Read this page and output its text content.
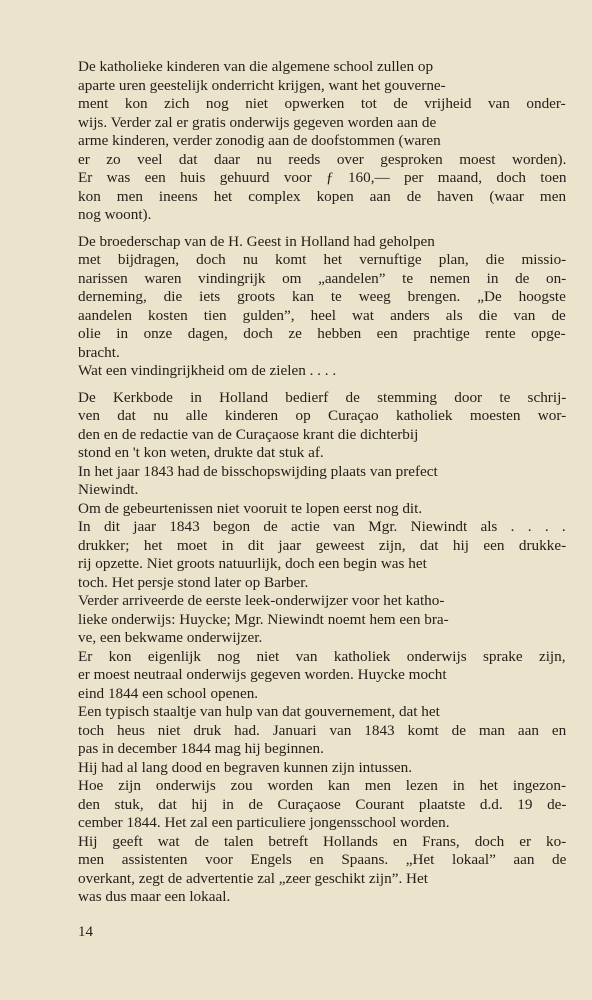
De katholieke kinderen van die algemene school zullen op
aparte uren geestelijk onderricht krijgen, want het gouverne-
ment kon zich nog niet opwerken tot de vrijheid van onder-
wijs. Verder zal er gratis onderwijs gegeven worden aan de
arme kinderen, verder zonodig aan de doofstommen (waren
er zo veel dat daar nu reeds over gesproken moest worden).
Er was een huis gehuurd voor ƒ 160,— per maand, doch toen
kon men ineens het complex kopen aan de haven (waar men
nog woont).
De broederschap van de H. Geest in Holland had geholpen
met bijdragen, doch nu komt het vernuftige plan, die missio-
narissen waren vindingrijk om „aandelen” te nemen in de on-
derneming, die iets groots kan te weeg brengen. „De hoogste
aandelen kosten tien gulden”, heel wat anders als die van de
olie in onze dagen, doch ze hebben een prachtige rente opge-
bracht.
Wat een vindingrijkheid om de zielen . . . .
De Kerkbode in Holland bedierf de stemming door te schrij-
ven dat nu alle kinderen op Curaçao katholiek moesten wor-
den en de redactie van de Curaçaose krant die dichterbij
stond en 't kon weten, drukte dat stuk af.
In het jaar 1843 had de bisschopswijding plaats van prefect
Niewindt.
Om de gebeurtenissen niet vooruit te lopen eerst nog dit.
In dit jaar 1843 begon de actie van Mgr. Niewindt als . . . .
drukker; het moet in dit jaar geweest zijn, dat hij een drukke-
rij opzette. Niet groots natuurlijk, doch een begin was het
toch. Het persje stond later op Barber.
Verder arriveerde de eerste leek-onderwijzer voor het katho-
lieke onderwijs: Huycke; Mgr. Niewindt noemt hem een bra-
ve, een bekwame onderwijzer.
Er kon eigenlijk nog niet van katholiek onderwijs sprake zijn,
er moest neutraal onderwijs gegeven worden. Huycke mocht
eind 1844 een school openen.
Een typisch staaltje van hulp van dat gouvernement, dat het
toch heus niet druk had. Januari van 1843 komt de man aan en
pas in december 1844 mag hij beginnen.
Hij had al lang dood en begraven kunnen zijn intussen.
Hoe zijn onderwijs zou worden kan men lezen in het ingezon-
den stuk, dat hij in de Curaçaose Courant plaatste d.d. 19 de-
cember 1844. Het zal een particuliere jongensschool worden.
Hij geeft wat de talen betreft Hollands en Frans, doch er ko-
men assistenten voor Engels en Spaans. „Het lokaal” aan de
overkant, zegt de advertentie zal „zeer geschikt zijn”. Het
was dus maar een lokaal.
14
